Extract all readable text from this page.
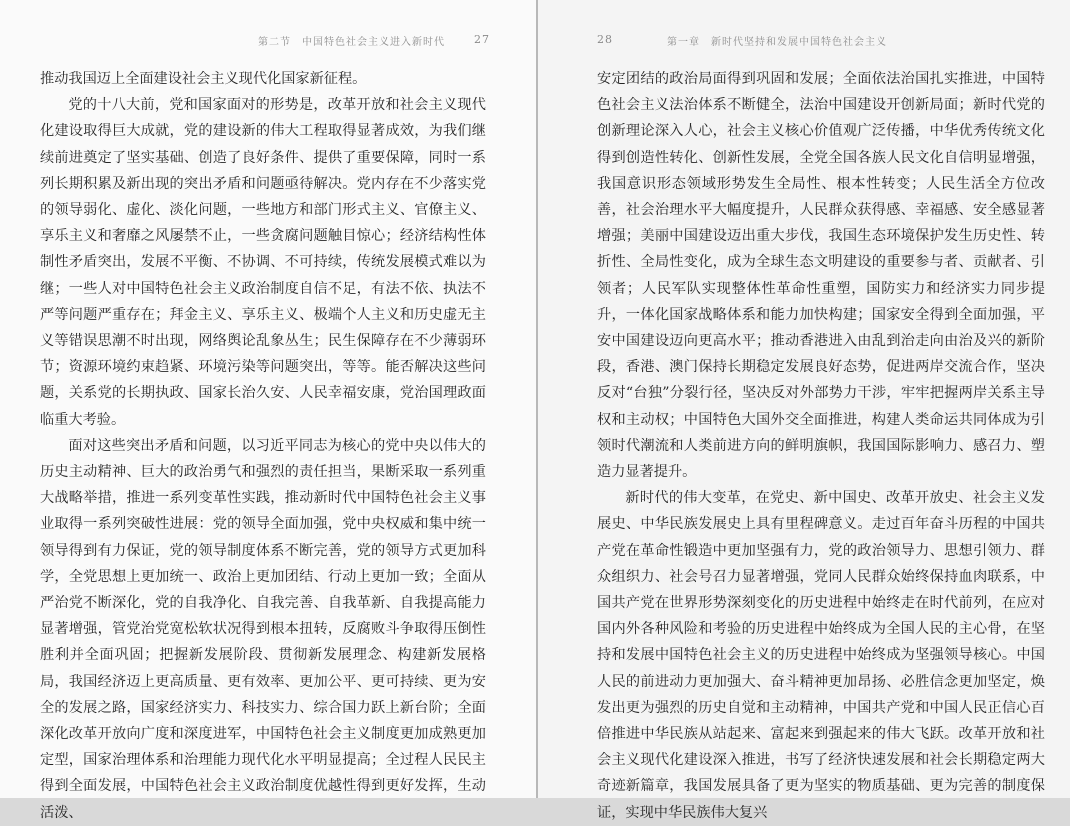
第二节　中国特色社会主义进入新时代	27

推动我国迈上全面建设社会主义现代化国家新征程。

党的十八大前，党和国家面对的形势是，改革开放和社会主义现代化建设取得巨大成就，党的建设新的伟大工程取得显著成效，为我们继续前进奠定了坚实基础、创造了良好条件、提供了重要保障，同时一系列长期积累及新出现的突出矛盾和问题亟待解决。党内存在不少落实党的领导弱化、虚化、淡化问题，一些地方和部门形式主义、官僚主义、享乐主义和奢靡之风屡禁不止，一些贪腐问题触目惊心；经济结构性体制性矛盾突出，发展不平衡、不协调、不可持续，传统发展模式难以为继；一些人对中国特色社会主义政治制度自信不足，有法不依、执法不严等问题严重存在；拜金主义、享乐主义、极端个人主义和历史虚无主义等错误思潮不时出现，网络舆论乱象丛生；民生保障存在不少薄弱环节；资源环境约束趋紧、环境污染等问题突出，等等。能否解决这些问题，关系党的长期执政、国家长治久安、人民幸福安康，党治国理政面临重大考验。

面对这些突出矛盾和问题，以习近平同志为核心的党中央以伟大的历史主动精神、巨大的政治勇气和强烈的责任担当，果断采取一系列重大战略举措，推进一系列变革性实践，推动新时代中国特色社会主义事业取得一系列突破性进展：党的领导全面加强，党中央权威和集中统一领导得到有力保证，党的领导制度体系不断完善，党的领导方式更加科学，全党思想上更加统一、政治上更加团结、行动上更加一致；全面从严治党不断深化，党的自我净化、自我完善、自我革新、自我提高能力显著增强，管党治党宽松软状况得到根本扭转，反腐败斗争取得压倒性胜利并全面巩固；把握新发展阶段、贯彻新发展理念、构建新发展格局，我国经济迈上更高质量、更有效率、更加公平、更可持续、更为安全的发展之路，国家经济实力、科技实力、综合国力跃上新台阶；全面深化改革开放向广度和深度进军，中国特色社会主义制度更加成熟更加定型，国家治理体系和治理能力现代化水平明显提高；全过程人民民主得到全面发展，中国特色社会主义政治制度优越性得到更好发挥，生动活泼、

28	第一章　新时代坚持和发展中国特色社会主义

安定团结的政治局面得到巩固和发展；全面依法治国扎实推进，中国特色社会主义法治体系不断健全，法治中国建设开创新局面；新时代党的创新理论深入人心，社会主义核心价值观广泛传播，中华优秀传统文化得到创造性转化、创新性发展，全党全国各族人民文化自信明显增强，我国意识形态领域形势发生全局性、根本性转变；人民生活全方位改善，社会治理水平大幅度提升，人民群众获得感、幸福感、安全感显著增强；美丽中国建设迈出重大步伐，我国生态环境保护发生历史性、转折性、全局性变化，成为全球生态文明建设的重要参与者、贡献者、引领者；人民军队实现整体性革命性重塑，国防实力和经济实力同步提升，一体化国家战略体系和能力加快构建；国家安全得到全面加强，平安中国建设迈向更高水平；推动香港进入由乱到治走向由治及兴的新阶段，香港、澳门保持长期稳定发展良好态势，促进两岸交流合作，坚决反对“台独”分裂行径，坚决反对外部势力干涉，牢牢把握两岸关系主导权和主动权；中国特色大国外交全面推进，构建人类命运共同体成为引领时代潮流和人类前进方向的鲜明旗帜，我国国际影响力、感召力、塑造力显著提升。

新时代的伟大变革，在党史、新中国史、改革开放史、社会主义发展史、中华民族发展史上具有里程碑意义。走过百年奋斗历程的中国共产党在革命性锻造中更加坚强有力，党的政治领导力、思想引领力、群众组织力、社会号召力显著增强，党同人民群众始终保持血肉联系，中国共产党在世界形势深刻变化的历史进程中始终走在时代前列，在应对国内外各种风险和考验的历史进程中始终成为全国人民的主心骨，在坚持和发展中国特色社会主义的历史进程中始终成为坚强领导核心。中国人民的前进动力更加强大、奋斗精神更加昂扬、必胜信念更加坚定，焕发出更为强烈的历史自觉和主动精神，中国共产党和中国人民正信心百倍推进中华民族从站起来、富起来到强起来的伟大飞跃。改革开放和社会主义现代化建设深入推进，书写了经济快速发展和社会长期稳定两大奇迹新篇章，我国发展具备了更为坚实的物质基础、更为完善的制度保证，实现中华民族伟大复兴
